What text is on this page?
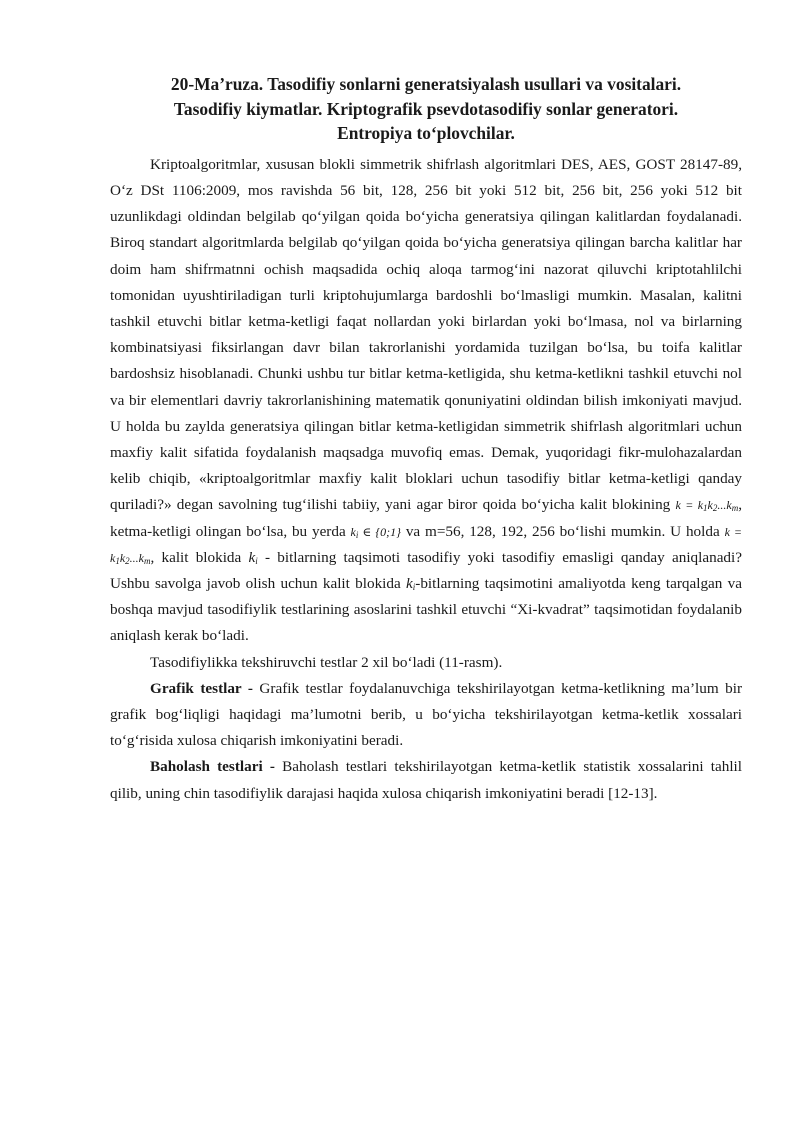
20-Ma’ruza. Tasodifiy sonlarni generatsiyalash usullari va vositalari.
Tasodifiy kiymatlar. Kriptografik psevdotasodifiy sonlar generatori.
Entropiya to‘plovchilar.

Kriptoalgoritmlar, xususan blokli simmetrik shifrlash algoritmlari DES, AES, GOST 28147-89, O‘z DSt 1106:2009, mos ravishda 56 bit, 128, 256 bit yoki 512 bit, 256 bit, 256 yoki 512 bit uzunlikdagi oldindan belgilab qo‘yilgan qoida bo‘yicha generatsiya qilingan kalitlardan foydalanadi. Biroq standart algoritmlarda belgilab qo‘yilgan qoida bo‘yicha generatsiya qilingan barcha kalitlar har doim ham shifrmatnni ochish maqsadida ochiq aloqa tarmog‘ini nazorat qiluvchi kriptotahlilchi tomonidan uyushtiriladigan turli kriptohujumlarga bardoshli bo‘lmasligi mumkin. Masalan, kalitni tashkil etuvchi bitlar ketma-ketligi faqat nollardan yoki birlardan yoki bo‘lmasa, nol va birlarning kombinatsiyasi fiksirlangan davr bilan takrorlanishi yordamida tuzilgan bo‘lsa, bu toifa kalitlar bardoshsiz hisoblanadi. Chunki ushbu tur bitlar ketma-ketligida, shu ketma-ketlikni tashkil etuvchi nol va bir elementlari davriy takrorlanishining matematik qonuniyatini oldindan bilish imkoniyati mavjud. U holda bu zaylda generatsiya qilingan bitlar ketma-ketligidan simmetrik shifrlash algoritmlari uchun maxfiy kalit sifatida foydalanish maqsadga muvofiq emas. Demak, yuqoridagi fikr-mulohazalardan kelib chiqib, «kriptoalgoritmlar maxfiy kalit bloklari uchun tasodifiy bitlar ketma-ketligi qanday quriladi?» degan savolning tug‘ilishi tabiiy, yani agar biror qoida bo‘yicha kalit blokining $k = k_1k_2...k_m$, ketma-ketligi olingan bo‘lsa, bu yerda $k_i$ ∈ {0;1} va m=56, 128, 192, 256 bo‘lishi mumkin. U holda $k = k_1k_2...k_m$, kalit blokida $k_i$ - bitlarning taqsimoti tasodifiy yoki tasodifiy emasligi qanday aniqlanadi? Ushbu savolga javob olish uchun kalit blokida $k_i$-bitlarning taqsimotini amaliyotda keng tarqalgan va boshqa mavjud tasodifiylik testlarining asoslarini tashkil etuvchi “Xi-kvadrat” taqsimotidan foydalanib aniqlash kerak bo‘ladi.

Tasodifiylikka tekshiruvchi testlar 2 xil bo‘ladi (11-rasm).

Grafik testlar - Grafik testlar foydalanuvchiga tekshirilayotgan ketma-ketlikning ma’lum bir grafik bog‘liqligi haqidagi ma’lumotni berib, u bo‘yicha tekshirilayotgan ketma-ketlik xossalari to‘g‘risida xulosa chiqarish imkoniyatini beradi.

Baholash testlari - Baholash testlari tekshirilayotgan ketma-ketlik statistik xossalarini tahlil qilib, uning chin tasodifiylik darajasi haqida xulosa chiqarish imkoniyatini beradi [12-13].
